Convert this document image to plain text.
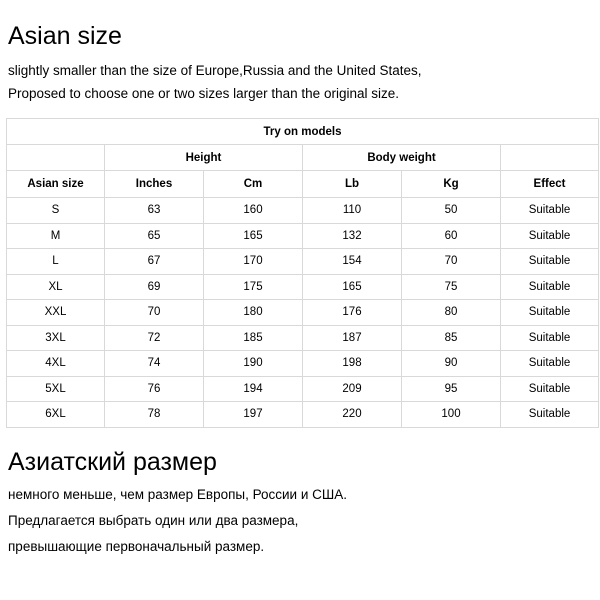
Asian size

slightly smaller than the size of Europe,Russia and the United States,

Proposed to choose one or two sizes larger than the original size.

Try on models					
	Height		Body weight		
Asian size	Inches	Cm	Lb	Kg	Effect
S	63	160	110	50	Suitable
M	65	165	132	60	Suitable
L	67	170	154	70	Suitable
XL	69	175	165	75	Suitable
XXL	70	180	176	80	Suitable
3XL	72	185	187	85	Suitable
4XL	74	190	198	90	Suitable
5XL	76	194	209	95	Suitable
6XL	78	197	220	100	Suitable
Азиатский размер

немного меньше, чем размер Европы, России и США.

Предлагается выбрать один или два размера,

превышающие первоначальный размер.
